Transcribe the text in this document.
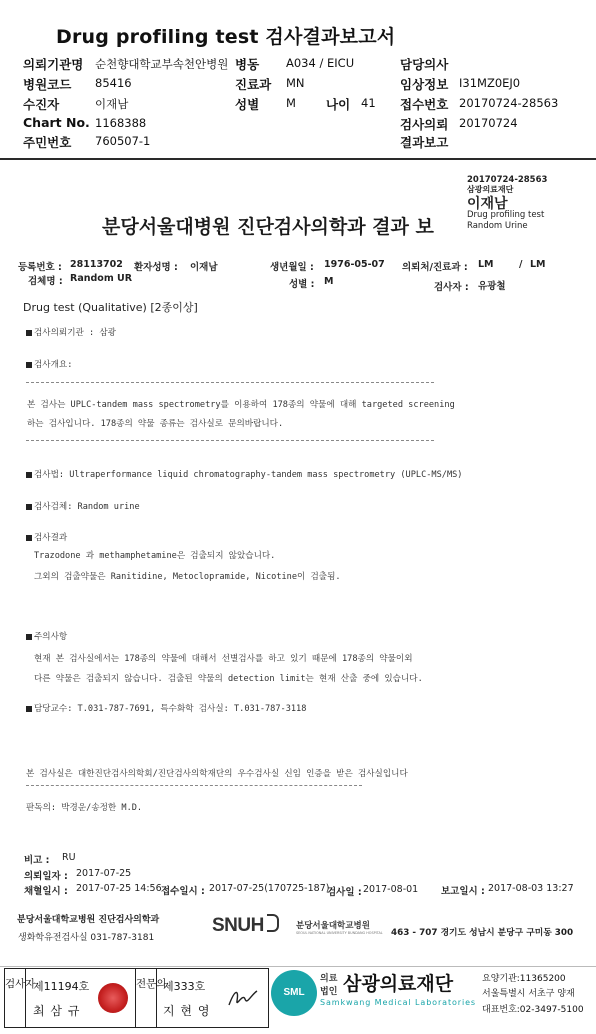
Drug profiling test 검사결과보고서
의뢰기관명 순천향대학교부속천안병원 병동 A034 / EICU	담당의사
병원코드 85416	진료과 MN	임상정보 I31MZ0EJ0
수진자	이재남	성별 M 나이 41 접수번호 20170724-28563
Chart No. 1168388	검사의뢰 20170724
주민번호 760507-1	결과보고
20170724-28563
삼광의료재단
이재남
Drug profiling test
Random Urine
분당서울대병원 진단검사의학과 결과 보
등록번호 : 28113702 환자성명 : 이재남	생년월일 : 1976-05-07 의뢰처/진료과 : LM	/ LM
검체명 : Random UR
성별 : M
검사자 : 유광철
Drug test (Qualitative) [2종이상]
검사의뢰기관 : 삼광
검사개요:
본 검사는 UPLC-tandem mass spectrometry를 이용하여 178종의 약물에 대해 targeted screening
하는 검사입니다. 178종의 약물 종류는 검사실로 문의바랍니다.
검사법: Ultraperformance liquid chromatography-tandem mass spectrometry (UPLC-MS/MS)
검사검체: Random urine
검사결과
Trazodone 과 methamphetamine은 검출되지 않았습니다.
그외의 검출약물은 Ranitidine, Metoclopramide, Nicotine이 검출됨.
주의사항
현재 본 검사실에서는 178종의 약물에 대해서 선별검사를 하고 있기 때문에 178종의 약물이외
다른 약물은 검출되지 않습니다. 검출된 약물의 detection limit는 현재 산출 중에 있습니다.
담당교수: T.031-787-7691, 특수화학 검사실: T.031-787-3118
본 검사실은 대한진단검사의학회/진단검사의학재단의 우수검사실 신임 인증을 받은 검사실입니다
판독의: 박경운/송정한 M.D.
비고 : RU
의뢰일자 : 2017-07-25
채혈일시 : 2017-07-25 14:56 접수일시 : 2017-07-25(170725-187)
검사일 : 2017-08-01 보고일시 : 2017-08-03 13:27
분당서울대학교병원 진단검사의학과
생화학유전검사실 031-787-3181
SNUH	분당서울대학교병원
SEOUL NATIONAL UNIVERSITY BUNDANG HOSPITAL 463 - 707 경기도 성남시 분당구 구미동 300
검사자
제11194호
최 삼 규
전문의
제333호
지 현 영
SML
의료
법인 삼광의료재단
Samkwang Medical Laboratories
요양기관:11365200
서울특별시 서초구 양재
대표번호:02-3497-5100
